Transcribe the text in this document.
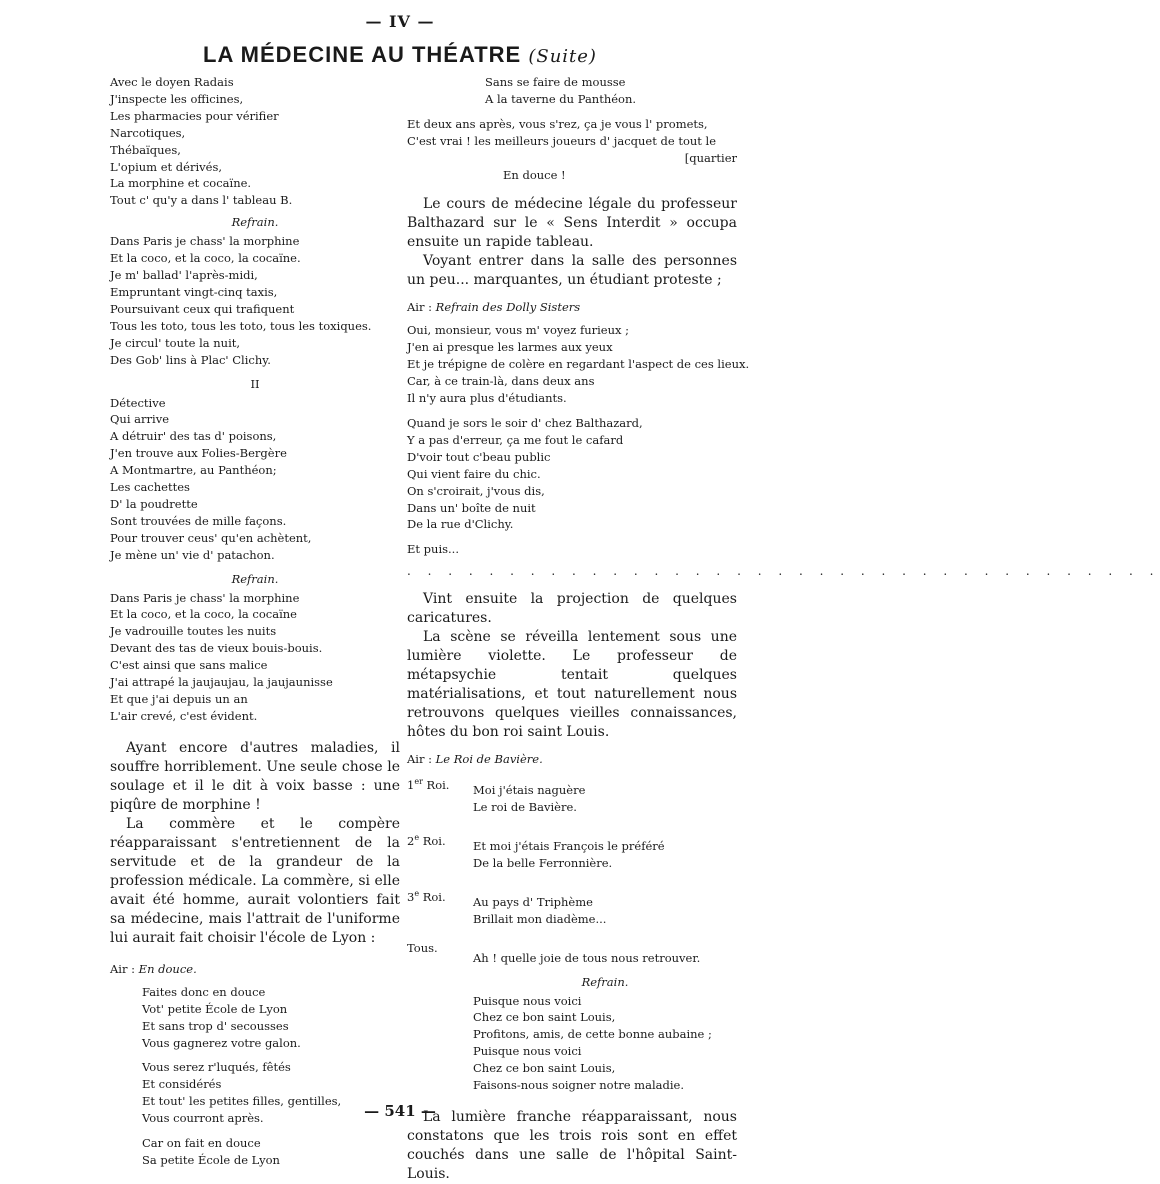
— IV —
LA MÉDECINE AU THÉATRE (Suite)
Avec le doyen Radais
J'inspecte les officines,
Les pharmacies pour vérifier
Narcotiques,
Thébaïques,
L'opium et dérivés,
La morphine et cocaïne.
Tout c' qu'y a dans l' tableau B.
Refrain.
Dans Paris je chass' la morphine
Et la coco, et la coco, la cocaïne.
Je m' ballad' l'après-midi,
Empruntant vingt-cinq taxis,
Poursuivant ceux qui trafiquent
Tous les toto, tous les toto, tous les toxiques.
Je circul' toute la nuit,
Des Gob' lins à Plac' Clichy.
II
Détective
Qui arrive
A détruir' des tas d' poisons,
J'en trouve aux Folies-Bergère
A Montmartre, au Panthéon;
Les cachettes
D' la poudrette
Sont trouvées de mille façons.
Pour trouver ceus' qu'en achètent,
Je mène un' vie d' patachon.
Refrain.
Dans Paris je chass' la morphine
Et la coco, et la coco, la cocaïne
Je vadrouille toutes les nuits
Devant des tas de vieux bouis-bouis.
C'est ainsi que sans malice
J'ai attrapé la jaujaujau, la jaujaunisse
Et que j'ai depuis un an
L'air crevé, c'est évident.

Ayant encore d'autres maladies, il souffre horriblement. Une seule chose le soulage et il le dit à voix basse : une piqûre de morphine !

La commère et le compère réapparaissant s'entretiennent de la servitude et de la grandeur de la profession médicale. La commère, si elle avait été homme, aurait volontiers fait sa médecine, mais l'attrait de l'uniforme lui aurait fait choisir l'école de Lyon :

Air : En douce.
Faites donc en douce
Vot' petite École de Lyon
Et sans trop d' secousses
Vous gagnerez votre galon.
Vous serez r'luqués, fêtés
Et considérés
Et tout' les petites filles, gentilles,
Vous courront après.
Car on fait en douce
Sa petite École de Lyon
Sans se faire de mousse
A la taverne du Panthéon.
Et deux ans après, vous s'rez, ça je vous l' promets,
C'est vrai ! les meilleurs joueurs d' jacquet de tout le
[quartier
En douce !

Le cours de médecine légale du professeur Balthazard sur le « Sens Interdit » occupa ensuite un rapide tableau.

Voyant entrer dans la salle des personnes un peu... marquantes, un étudiant proteste ;

Air : Refrain des Dolly Sisters
Oui, monsieur, vous m' voyez furieux ;
J'en ai presque les larmes aux yeux
Et je trépigne de colère en regardant l'aspect de ces lieux.
Car, à ce train-là, dans deux ans
Il n'y aura plus d'étudiants.
Quand je sors le soir d' chez Balthazard,
Y a pas d'erreur, ça me fout le cafard
D'voir tout c'beau public
Qui vient faire du chic.
On s'croirait, j'vous dis,
Dans un' boîte de nuit
De la rue d'Clichy.
Et puis...
. . . . . . . . . . . . . . . . . . . . . . . . . . . . . . . . . . . . .

Vint ensuite la projection de quelques caricatures.

La scène se réveilla lentement sous une lumière violette. Le professeur de métapsychie tentait quelques matérialisations, et tout naturellement nous retrouvons quelques vieilles connaissances, hôtes du bon roi saint Louis.

Air : Le Roi de Bavière.
1er Roi. Moi j'étais naguère
Le roi de Bavière.
2e Roi. Et moi j'étais François le préféré
De la belle Ferronnière.
3e Roi. Au pays d' Triphème
Brillait mon diadème...
Tous.
Ah ! quelle joie de tous nous retrouver.
Refrain.
Puisque nous voici
Chez ce bon saint Louis,
Profitons, amis, de cette bonne aubaine ;
Puisque nous voici
Chez ce bon saint Louis,
Faisons-nous soigner notre maladie.

La lumière franche réapparaissant, nous constatons que les trois rois sont en effet couchés dans une salle de l'hôpital Saint-Louis.

— 541 —
